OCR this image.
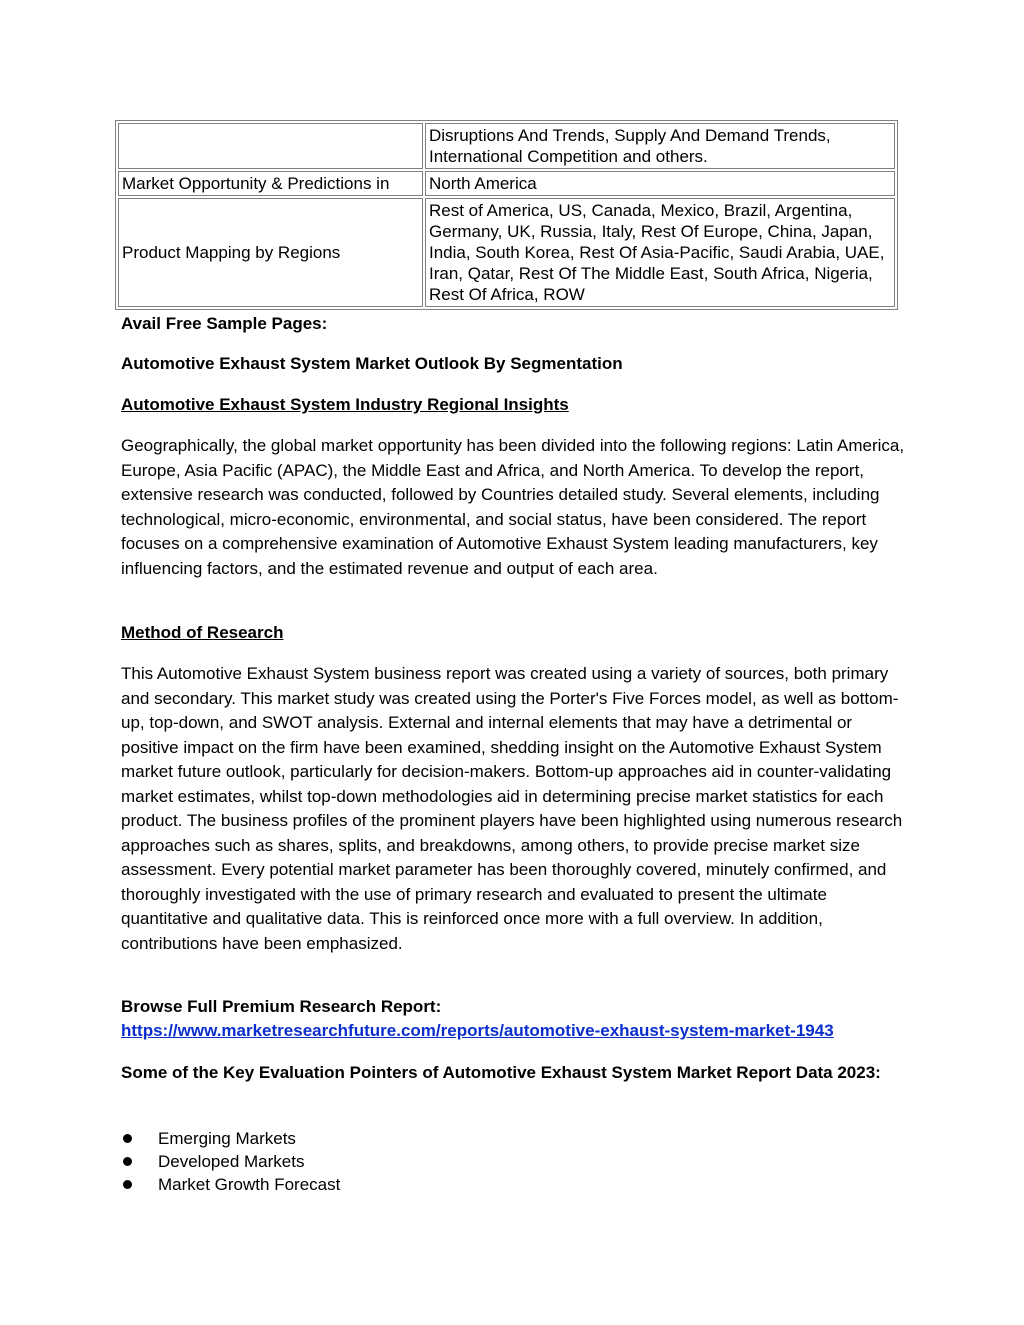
Disruptions And Trends, Supply And Demand Trends, International Competition and others.
Market Opportunity & Predictions in	North America
Product Mapping by Regions
Rest of America, US, Canada, Mexico, Brazil, Argentina, Germany, UK, Russia, Italy, Rest Of Europe, China, Japan, India, South Korea, Rest Of Asia-Pacific, Saudi Arabia, UAE, Iran, Qatar, Rest Of The Middle East, South Africa, Nigeria, Rest Of Africa, ROW
Avail Free Sample Pages:
Automotive Exhaust System Market Outlook By Segmentation
Automotive Exhaust System Industry Regional Insights
Geographically, the global market opportunity has been divided into the following regions: Latin America, Europe, Asia Pacific (APAC), the Middle East and Africa, and North America. To develop the report, extensive research was conducted, followed by Countries detailed study. Several elements, including technological, micro-economic, environmental, and social status, have been considered. The report focuses on a comprehensive examination of Automotive Exhaust System leading manufacturers, key influencing factors, and the estimated revenue and output of each area.
Method of Research
This Automotive Exhaust System business report was created using a variety of sources, both primary and secondary. This market study was created using the Porter's Five Forces model, as well as bottom-up, top-down, and SWOT analysis. External and internal elements that may have a detrimental or positive impact on the firm have been examined, shedding insight on the Automotive Exhaust System market future outlook, particularly for decision-makers. Bottom-up approaches aid in counter-validating market estimates, whilst top-down methodologies aid in determining precise market statistics for each product. The business profiles of the prominent players have been highlighted using numerous research approaches such as shares, splits, and breakdowns, among others, to provide precise market size assessment. Every potential market parameter has been thoroughly covered, minutely confirmed, and thoroughly investigated with the use of primary research and evaluated to present the ultimate quantitative and qualitative data. This is reinforced once more with a full overview. In addition, contributions have been emphasized.
Browse Full Premium Research Report:
https://www.marketresearchfuture.com/reports/automotive-exhaust-system-market-1943
Some of the Key Evaluation Pointers of Automotive Exhaust System Market Report Data 2023:
Emerging Markets
Developed Markets
Market Growth Forecast
